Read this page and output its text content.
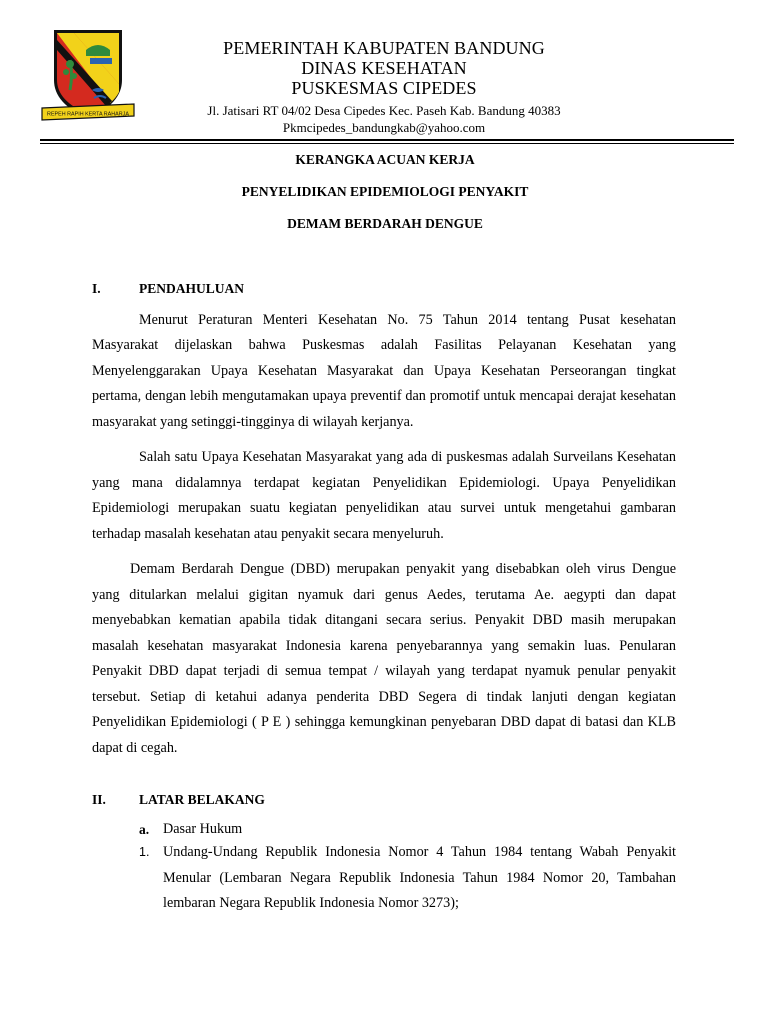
REPEH RAPIH KERTA RAHARJA
PEMERINTAH KABUPATEN BANDUNG
DINAS KESEHATAN
PUSKESMAS CIPEDES
Jl. Jatisari RT 04/02 Desa Cipedes Kec. Paseh Kab. Bandung 40383
Pkmcipedes_bandungkab@yahoo.com
KERANGKA ACUAN KERJA
PENYELIDIKAN EPIDEMIOLOGI PENYAKIT
DEMAM BERDARAH DENGUE
I.	PENDAHULUAN
Menurut Peraturan Menteri Kesehatan No. 75 Tahun 2014 tentang Pusat kesehatan Masyarakat dijelaskan bahwa Puskesmas adalah Fasilitas Pelayanan Kesehatan yang Menyelenggarakan Upaya Kesehatan Masyarakat dan Upaya Kesehatan Perseorangan tingkat pertama, dengan lebih mengutamakan upaya preventif dan promotif untuk mencapai derajat kesehatan masyarakat yang setinggi-tingginya di wilayah kerjanya.
Salah satu Upaya Kesehatan Masyarakat yang ada di puskesmas adalah Surveilans Kesehatan yang mana didalamnya terdapat kegiatan Penyelidikan Epidemiologi. Upaya Penyelidikan Epidemiologi merupakan suatu kegiatan penyelidikan atau survei untuk mengetahui gambaran terhadap masalah kesehatan atau penyakit secara menyeluruh.
Demam Berdarah Dengue (DBD) merupakan penyakit yang disebabkan oleh virus Dengue yang ditularkan melalui gigitan nyamuk dari genus Aedes, terutama Ae. aegypti dan dapat menyebabkan kematian apabila tidak ditangani secara serius. Penyakit DBD masih merupakan masalah kesehatan masyarakat Indonesia karena penyebarannya yang semakin luas. Penularan Penyakit DBD dapat terjadi di semua tempat / wilayah yang terdapat nyamuk penular penyakit tersebut. Setiap di ketahui adanya penderita DBD Segera di tindak lanjuti dengan kegiatan Penyelidikan Epidemiologi ( P E ) sehingga kemungkinan penyebaran DBD dapat di batasi dan KLB dapat di cegah.
II.	LATAR BELAKANG
a. Dasar Hukum
1. Undang-Undang Republik Indonesia Nomor 4 Tahun 1984 tentang Wabah Penyakit Menular (Lembaran Negara Republik Indonesia Tahun 1984 Nomor 20, Tambahan lembaran Negara Republik Indonesia Nomor 3273);
